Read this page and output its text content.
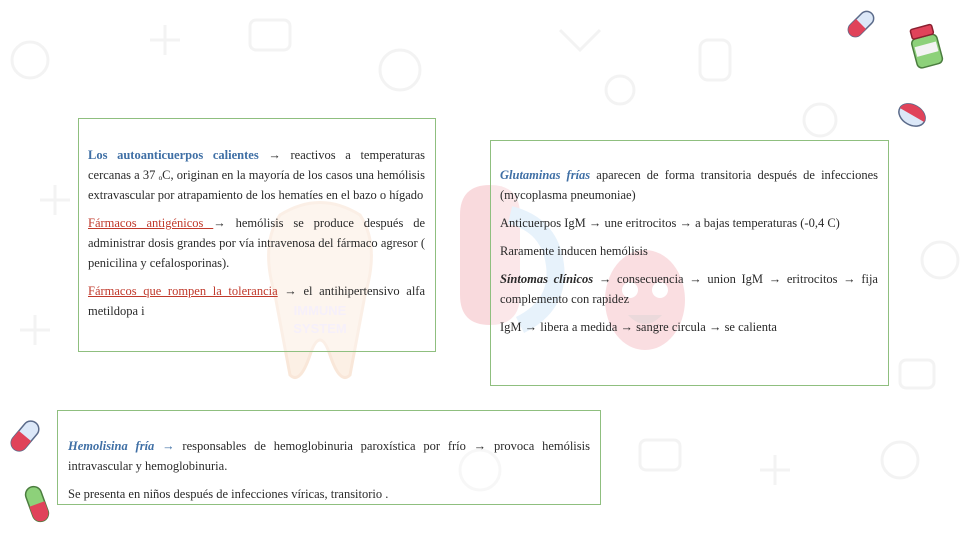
IMMUNE
SYSTEM

Los autoanticuerpos calientes → reactivos a temperaturas cercanas a 37 ₒC, originan en la mayoría de los casos una hemólisis extravascular por atrapamiento de los hematíes en el bazo o hígado

Fármacos antigénicos → hemólisis se produce después de administrar dosis grandes por vía intravenosa del fármaco agresor ( penicilina y cefalosporinas).

Fármacos que rompen la tolerancia → el antihipertensivo alfa metildopa i

Glutaminas frías aparecen de forma transitoria después de infecciones (mycoplasma pneumoniae)

Anticuerpos IgM → une eritrocitos → a bajas temperaturas (-0,4 C)

Raramente inducen hemólisis

Síntomas clínicos → consecuencia → union IgM → eritrocitos → fija complemento con rapidez

IgM → libera a medida → sangre circula → se calienta

Hemolisina fría → responsables de hemoglobinuria paroxística por frío → provoca hemólisis intravascular y hemoglobinuria.

Se presenta en niños después de infecciones víricas, transitorio .
